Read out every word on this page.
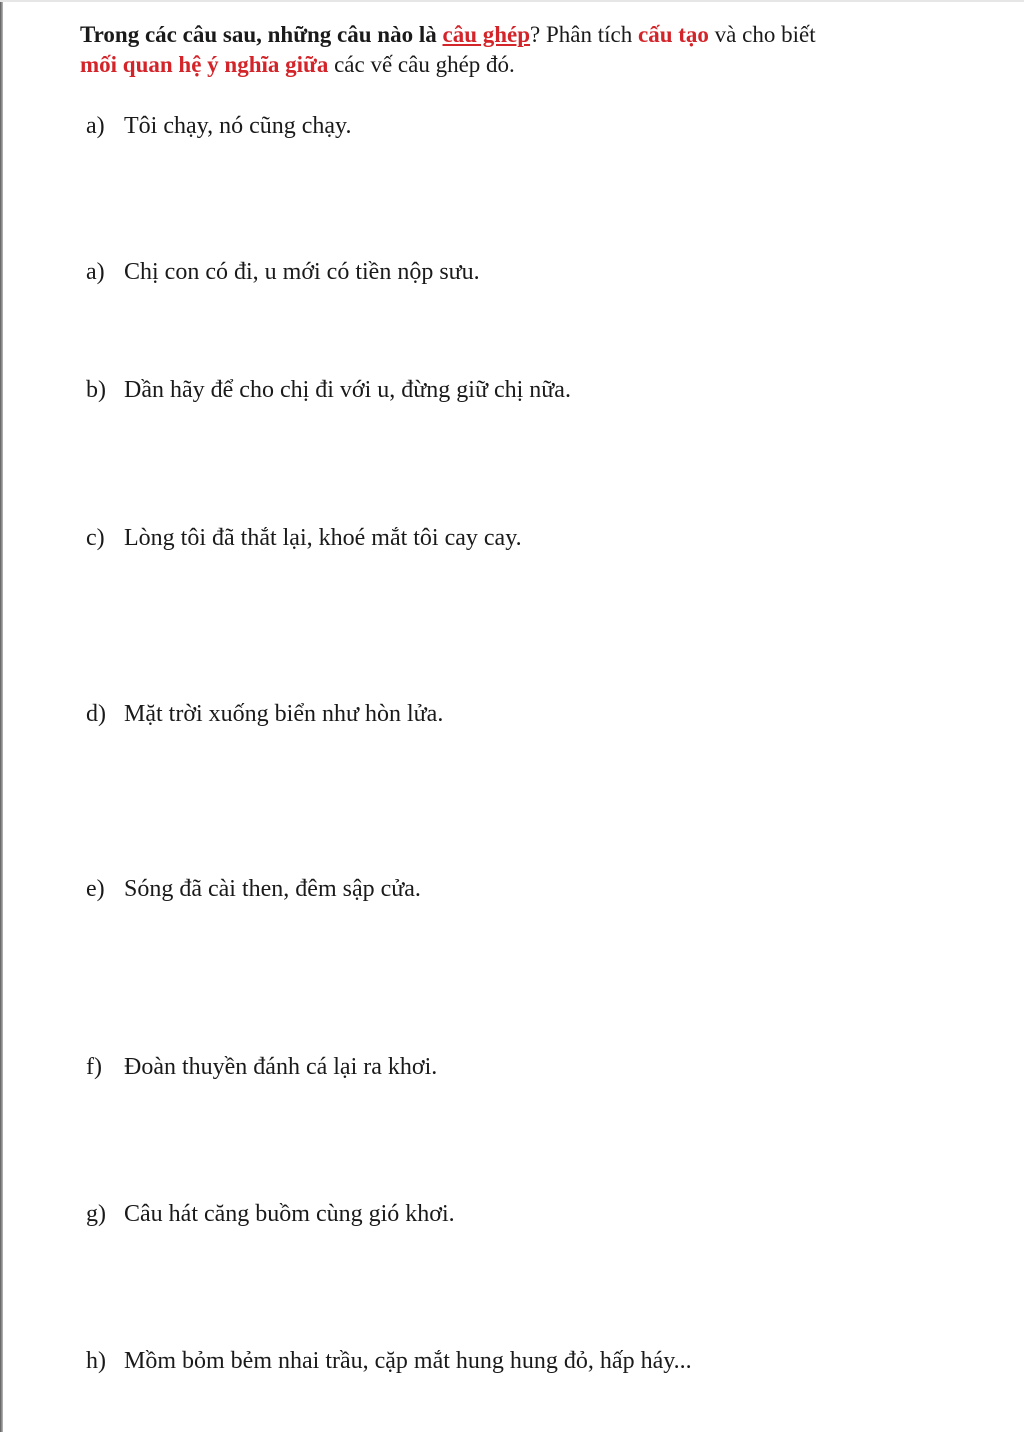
Trong các câu sau, những câu nào là câu ghép? Phân tích cấu tạo và cho biết
mối quan hệ ý nghĩa giữa các vế câu ghép đó.
a) Tôi chạy, nó cũng chạy.
a) Chị con có đi, u mới có tiền nộp sưu.
b) Dần hãy để cho chị đi với u, đừng giữ chị nữa.
c) Lòng tôi đã thắt lại, khoé mắt tôi cay cay.
d) Mặt trời xuống biển như hòn lửa.
e) Sóng đã cài then, đêm sập cửa.
f) Đoàn thuyền đánh cá lại ra khơi.
g) Câu hát căng buồm cùng gió khơi.
h) Mồm bỏm bẻm nhai trầu, cặp mắt hung hung đỏ, hấp háy...
